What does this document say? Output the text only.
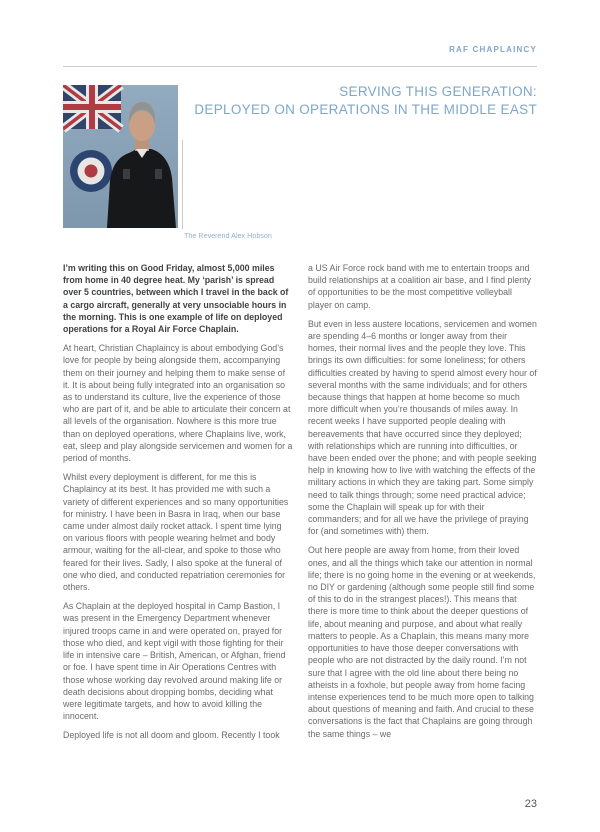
RAF CHAPLAINCY
SERVING THIS GENERATION:
DEPLOYED ON OPERATIONS IN THE MIDDLE EAST
The Reverend Alex Hobson

I’m writing this on Good Friday, almost 5,000 miles from home in 40 degree heat. My ‘parish’ is spread over 5 countries, between which I travel in the back of a cargo aircraft, generally at very unsociable hours in the morning. This is one example of life on deployed operations for a Royal Air Force Chaplain.

At heart, Christian Chaplaincy is about embodying God’s love for people by being alongside them, accompanying them on their journey and helping them to make sense of it. It is about being fully integrated into an organisation so as to understand its culture, live the experience of those who are part of it, and be able to articulate their concern at all levels of the organisation. Nowhere is this more true than on deployed operations, where Chaplains live, work, eat, sleep and play alongside servicemen and women for a period of months.

Whilst every deployment is different, for me this is Chaplaincy at its best. It has provided me with such a variety of different experiences and so many opportunities for ministry. I have been in Basra in Iraq, when our base came under almost daily rocket attack. I spent time lying on various floors with people wearing helmet and body armour, waiting for the all-clear, and spoke to those who feared for their lives. Sadly, I also spoke at the funeral of one who died, and conducted repatriation ceremonies for others.

As Chaplain at the deployed hospital in Camp Bastion, I was present in the Emergency Department whenever injured troops came in and were operated on, prayed for those who died, and kept vigil with those fighting for their life in intensive care – British, American, or Afghan, friend or foe. I have spent time in Air Operations Centres with those whose working day revolved around making life or death decisions about dropping bombs, deciding what were legitimate targets, and how to avoid killing the innocent.

Deployed life is not all doom and gloom. Recently I took

a US Air Force rock band with me to entertain troops and build relationships at a coalition air base, and I find plenty of opportunities to be the most competitive volleyball player on camp.

But even in less austere locations, servicemen and women are spending 4–6 months or longer away from their homes, their normal lives and the people they love. This brings its own difficulties: for some loneliness; for others difficulties created by having to spend almost every hour of several months with the same individuals; and for others because things that happen at home become so much more difficult when you’re thousands of miles away. In recent weeks I have supported people dealing with bereavements that have occurred since they deployed; with relationships which are running into difficulties, or have been ended over the phone; and with people seeking help in knowing how to live with watching the effects of the military actions in which they are taking part. Some simply need to talk things through; some need practical advice; some the Chaplain will speak up for with their commanders; and for all we have the privilege of praying for (and sometimes with) them.

Out here people are away from home, from their loved ones, and all the things which take our attention in normal life; there is no going home in the evening or at weekends, no DIY or gardening (although some people still find some of this to do in the strangest places!). This means that there is more time to think about the deeper questions of life, about meaning and purpose, and about what really matters to people. As a Chaplain, this means many more opportunities to have those deeper conversations with people who are not distracted by the daily round. I’m not sure that I agree with the old line about there being no atheists in a foxhole, but people away from home facing intense experiences tend to be much more open to talking about questions of meaning and faith. And crucial to these conversations is the fact that Chaplains are going through the same things – we

23
